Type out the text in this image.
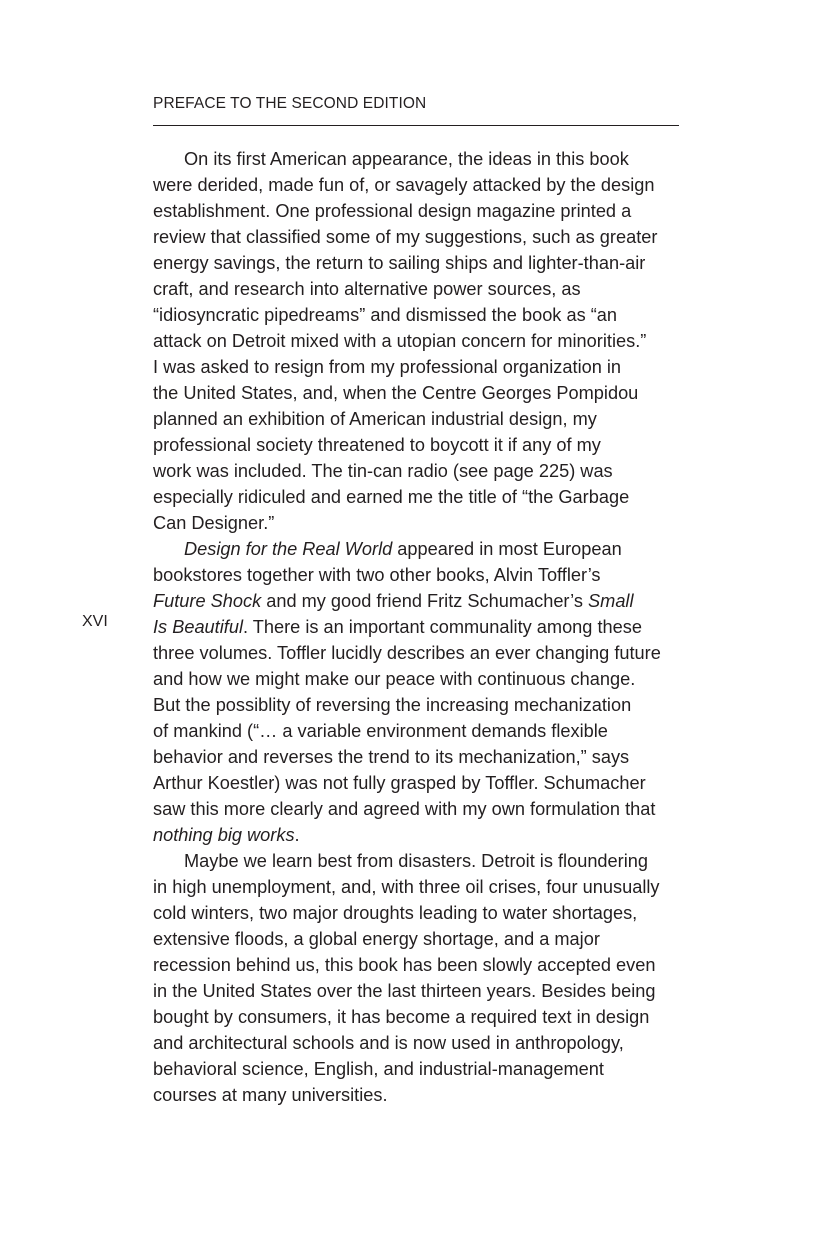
PREFACE TO THE SECOND EDITION
XVI
On its first American appearance, the ideas in this book
were derided, made fun of, or savagely attacked by the design
establishment. One professional design magazine printed a
review that classified some of my suggestions, such as greater
energy savings, the return to sailing ships and lighter-than-air
craft, and research into alternative power sources, as
“idiosyncratic pipedreams” and dismissed the book as “an
attack on Detroit mixed with a utopian concern for minorities.”
I was asked to resign from my professional organization in
the United States, and, when the Centre Georges Pompidou
planned an exhibition of American industrial design, my
professional society threatened to boycott it if any of my
work was included. The tin-can radio (see page 225) was
especially ridiculed and earned me the title of “the Garbage
Can Designer.”
Design for the Real World appeared in most European
bookstores together with two other books, Alvin Toffler’s
Future Shock and my good friend Fritz Schumacher’s Small
Is Beautiful. There is an important communality among these
three volumes. Toffler lucidly describes an ever changing future
and how we might make our peace with continuous change.
But the possiblity of reversing the increasing mechanization
of mankind (“… a variable environment demands flexible
behavior and reverses the trend to its mechanization,” says
Arthur Koestler) was not fully grasped by Toffler. Schumacher
saw this more clearly and agreed with my own formulation that
nothing big works.
Maybe we learn best from disasters. Detroit is floundering
in high unemployment, and, with three oil crises, four unusually
cold winters, two major droughts leading to water shortages,
extensive floods, a global energy shortage, and a major
recession behind us, this book has been slowly accepted even
in the United States over the last thirteen years. Besides being
bought by consumers, it has become a required text in design
and architectural schools and is now used in anthropology,
behavioral science, English, and industrial-management
courses at many universities.
